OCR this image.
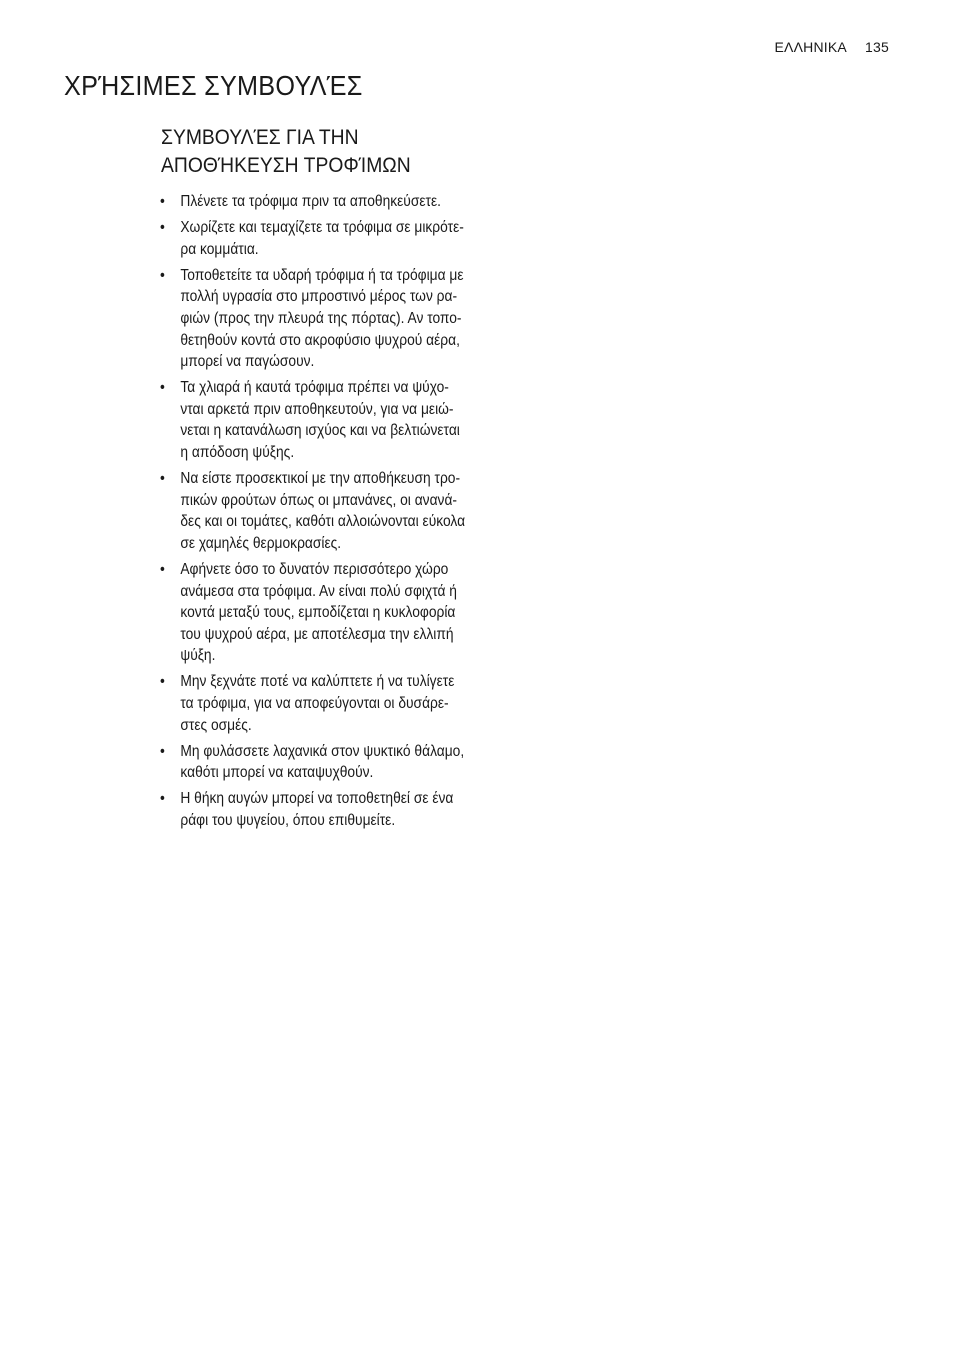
ΕΛΛΗΝΙΚΑ 135
ΧΡΉΣΙΜΕΣ ΣΥΜΒΟΥΛΈΣ
ΣΥΜΒΟΥΛΈΣ ΓΙΑ ΤΗΝ
ΑΠΟΘΉΚΕΥΣΗ ΤΡΟΦΊΜΩΝ
• Πλένετε τα τρόφιμα πριν τα αποθηκεύσετε.
• Χωρίζετε και τεμαχίζετε τα τρόφιμα σε μικρότε-
ρα κομμάτια.
• Τοποθετείτε τα υδαρή τρόφιμα ή τα τρόφιμα με
πολλή υγρασία στο μπροστινό μέρος των ρα-
φιών (προς την πλευρά της πόρτας). Αν τοπο-
θετηθούν κοντά στο ακροφύσιο ψυχρού αέρα,
μπορεί να παγώσουν.
• Τα χλιαρά ή καυτά τρόφιμα πρέπει να ψύχο-
νται αρκετά πριν αποθηκευτούν, για να μειώ-
νεται η κατανάλωση ισχύος και να βελτιώνεται
η απόδοση ψύξης.
• Να είστε προσεκτικοί με την αποθήκευση τρο-
πικών φρούτων όπως οι μπανάνες, οι ανανά-
δες και οι τομάτες, καθότι αλλοιώνονται εύκολα
σε χαμηλές θερμοκρασίες.
• Αφήνετε όσο το δυνατόν περισσότερο χώρο
ανάμεσα στα τρόφιμα. Αν είναι πολύ σφιχτά ή
κοντά μεταξύ τους, εμποδίζεται η κυκλοφορία
του ψυχρού αέρα, με αποτέλεσμα την ελλιπή
ψύξη.
• Μην ξεχνάτε ποτέ να καλύπτετε ή να τυλίγετε
τα τρόφιμα, για να αποφεύγονται οι δυσάρε-
στες οσμές.
• Μη φυλάσσετε λαχανικά στον ψυκτικό θάλαμο,
καθότι μπορεί να καταψυχθούν.
• Η θήκη αυγών μπορεί να τοποθετηθεί σε ένα
ράφι του ψυγείου, όπου επιθυμείτε.
